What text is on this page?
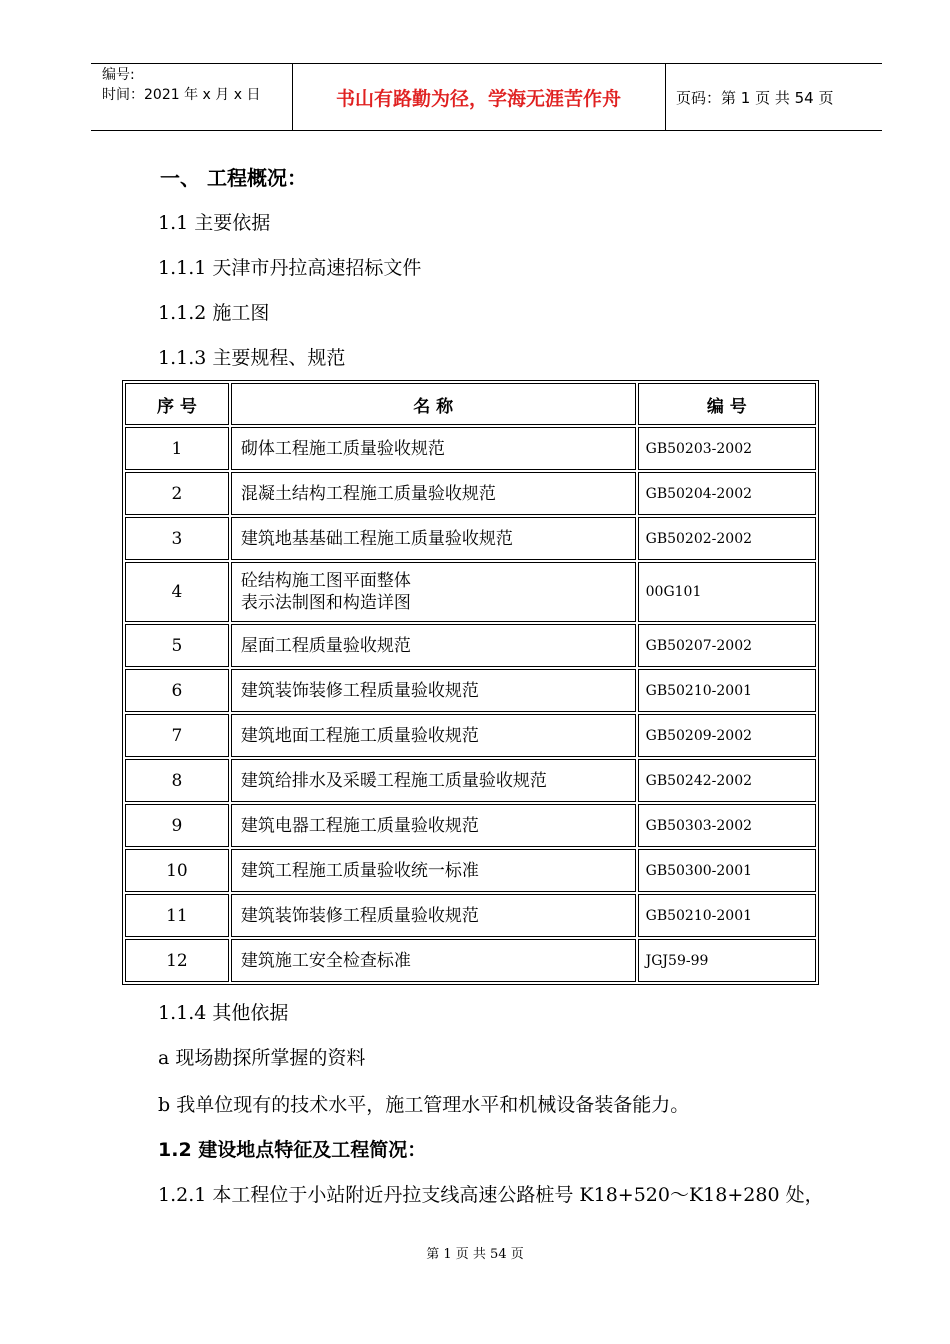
编号:
时间：2021 年 x 月 x 日	书山有路勤为径，学海无涯苦作舟	页码：第 1 页 共 54 页
一、 工程概况：
1.1 主要依据
1.1.1 天津市丹拉高速招标文件
1.1.2 施工图
1.1.3 主要规程、规范
序 号	名 称	编 号
1	砌体工程施工质量验收规范	GB50203-2002
2	混凝土结构工程施工质量验收规范	GB50204-2002
3	建筑地基基础工程施工质量验收规范	GB50202-2002
4	砼结构施工图平面整体
表示法制图和构造详图	00G101
5	屋面工程质量验收规范	GB50207-2002
6	建筑装饰装修工程质量验收规范	GB50210-2001
7	建筑地面工程施工质量验收规范	GB50209-2002
8	建筑给排水及采暖工程施工质量验收规范	GB50242-2002
9	建筑电器工程施工质量验收规范	GB50303-2002
10	建筑工程施工质量验收统一标准	GB50300-2001
11	建筑装饰装修工程质量验收规范	GB50210-2001
12	建筑施工安全检查标准	JGJ59-99
1.1.4 其他依据
a 现场勘探所掌握的资料
b 我单位现有的技术水平，施工管理水平和机械设备装备能力。
1.2 建设地点特征及工程简况：
1.2.1 本工程位于小站附近丹拉支线高速公路桩号 K18+520～K18+280 处，
第 1 页 共 54 页
